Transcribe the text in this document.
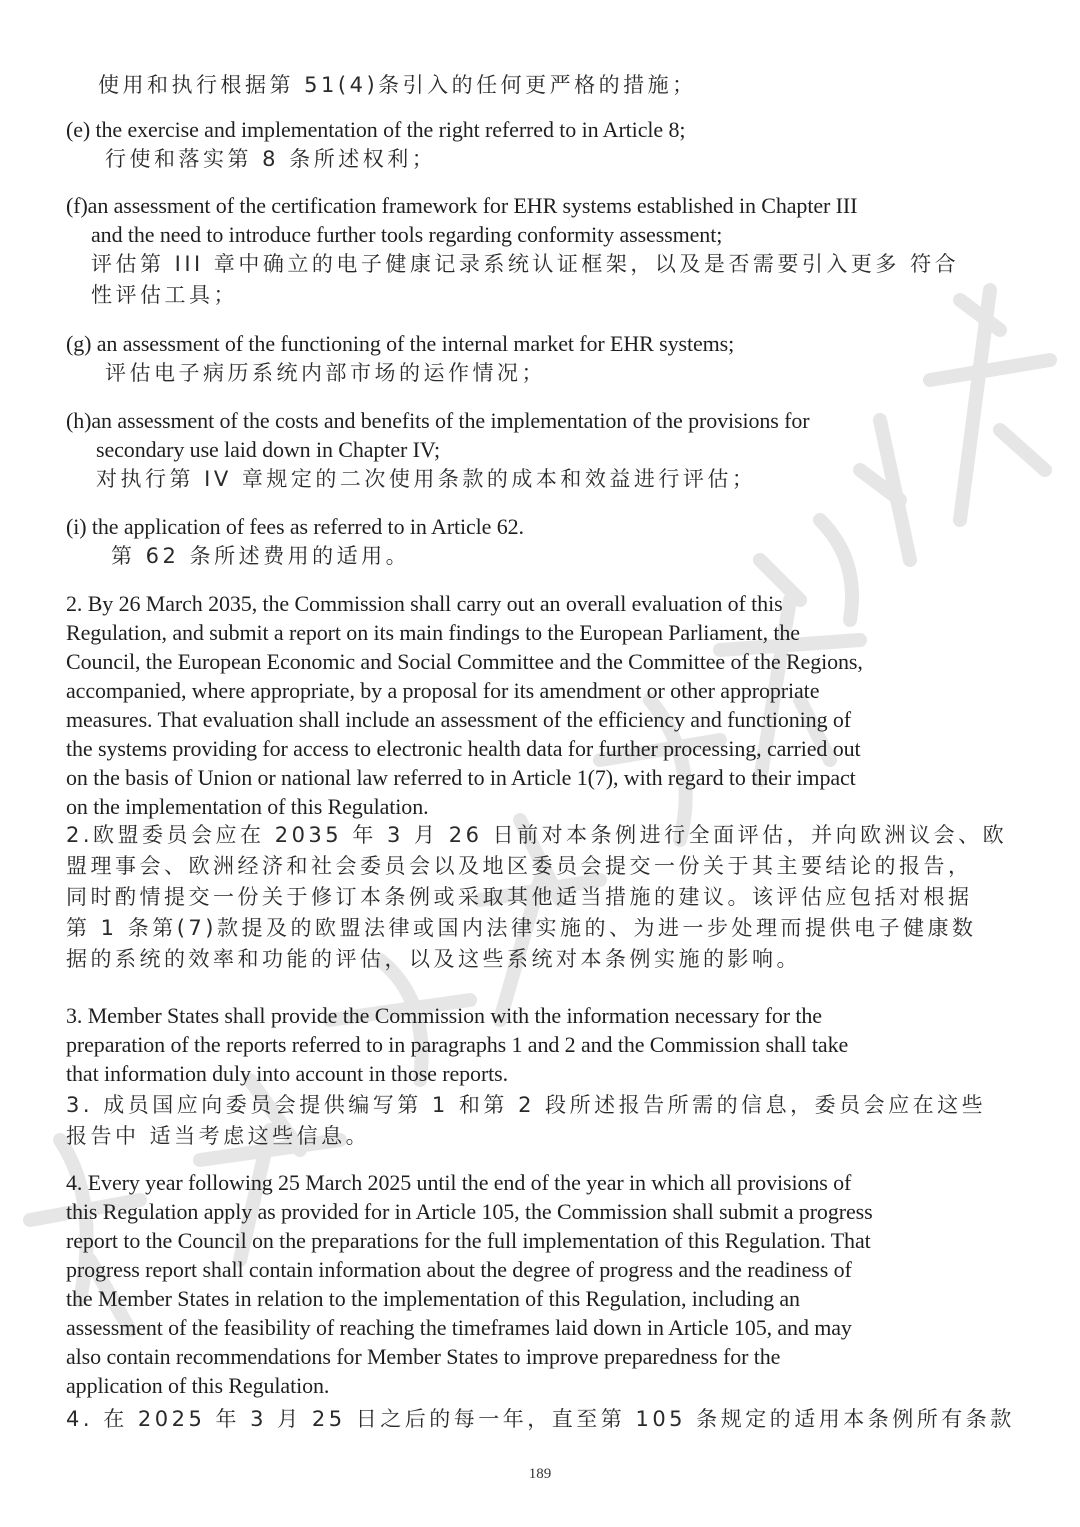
使用和执行根据第 51(4)条引入的任何更严格的措施；

(e) the exercise and implementation of the right referred to in Article 8;

行使和落实第 8 条所述权利；

(f)an assessment of the certification framework for EHR systems established in Chapter III

and the need to introduce further tools regarding conformity assessment;

评估第 III 章中确立的电子健康记录系统认证框架，以及是否需要引入更多 符合

性评估工具；

(g) an assessment of the functioning of the internal market for EHR systems;

评估电子病历系统内部市场的运作情况；

(h)an assessment of the costs and benefits of the implementation of the provisions for

secondary use laid down in Chapter IV;

对执行第 IV 章规定的二次使用条款的成本和效益进行评估；

(i) the application of fees as referred to in Article 62.

第 62 条所述费用的适用。

2. By 26 March 2035, the Commission shall carry out an overall evaluation of this

Regulation, and submit a report on its main findings to the European Parliament, the

Council, the European Economic and Social Committee and the Committee of the Regions,

accompanied, where appropriate, by a proposal for its amendment or other appropriate

measures. That evaluation shall include an assessment of the efficiency and functioning of

the systems providing for access to electronic health data for further processing, carried out

on the basis of Union or national law referred to in Article 1(7), with regard to their impact

on the implementation of this Regulation.

2.欧盟委员会应在 2035 年 3 月 26 日前对本条例进行全面评估，并向欧洲议会、欧

盟理事会、欧洲经济和社会委员会以及地区委员会提交一份关于其主要结论的报告，

同时酌情提交一份关于修订本条例或采取其他适当措施的建议。该评估应包括对根据

第 1 条第(7)款提及的欧盟法律或国内法律实施的、为进一步处理而提供电子健康数

据的系统的效率和功能的评估，以及这些系统对本条例实施的影响。

3. Member States shall provide the Commission with the information necessary for the

preparation of the reports referred to in paragraphs 1 and 2 and the Commission shall take

that information duly into account in those reports.

3. 成员国应向委员会提供编写第 1 和第 2 段所述报告所需的信息，委员会应在这些

报告中 适当考虑这些信息。

4. Every year following 25 March 2025 until the end of the year in which all provisions of

this Regulation apply as provided for in Article 105, the Commission shall submit a progress

report to the Council on the preparations for the full implementation of this Regulation. That

progress report shall contain information about the degree of progress and the readiness of

the Member States in relation to the implementation of this Regulation, including an

assessment of the feasibility of reaching the timeframes laid down in Article 105, and may

also contain recommendations for Member States to improve preparedness for the

application of this Regulation.

4. 在 2025 年 3 月 25 日之后的每一年，直至第 105 条规定的适用本条例所有条款

189
